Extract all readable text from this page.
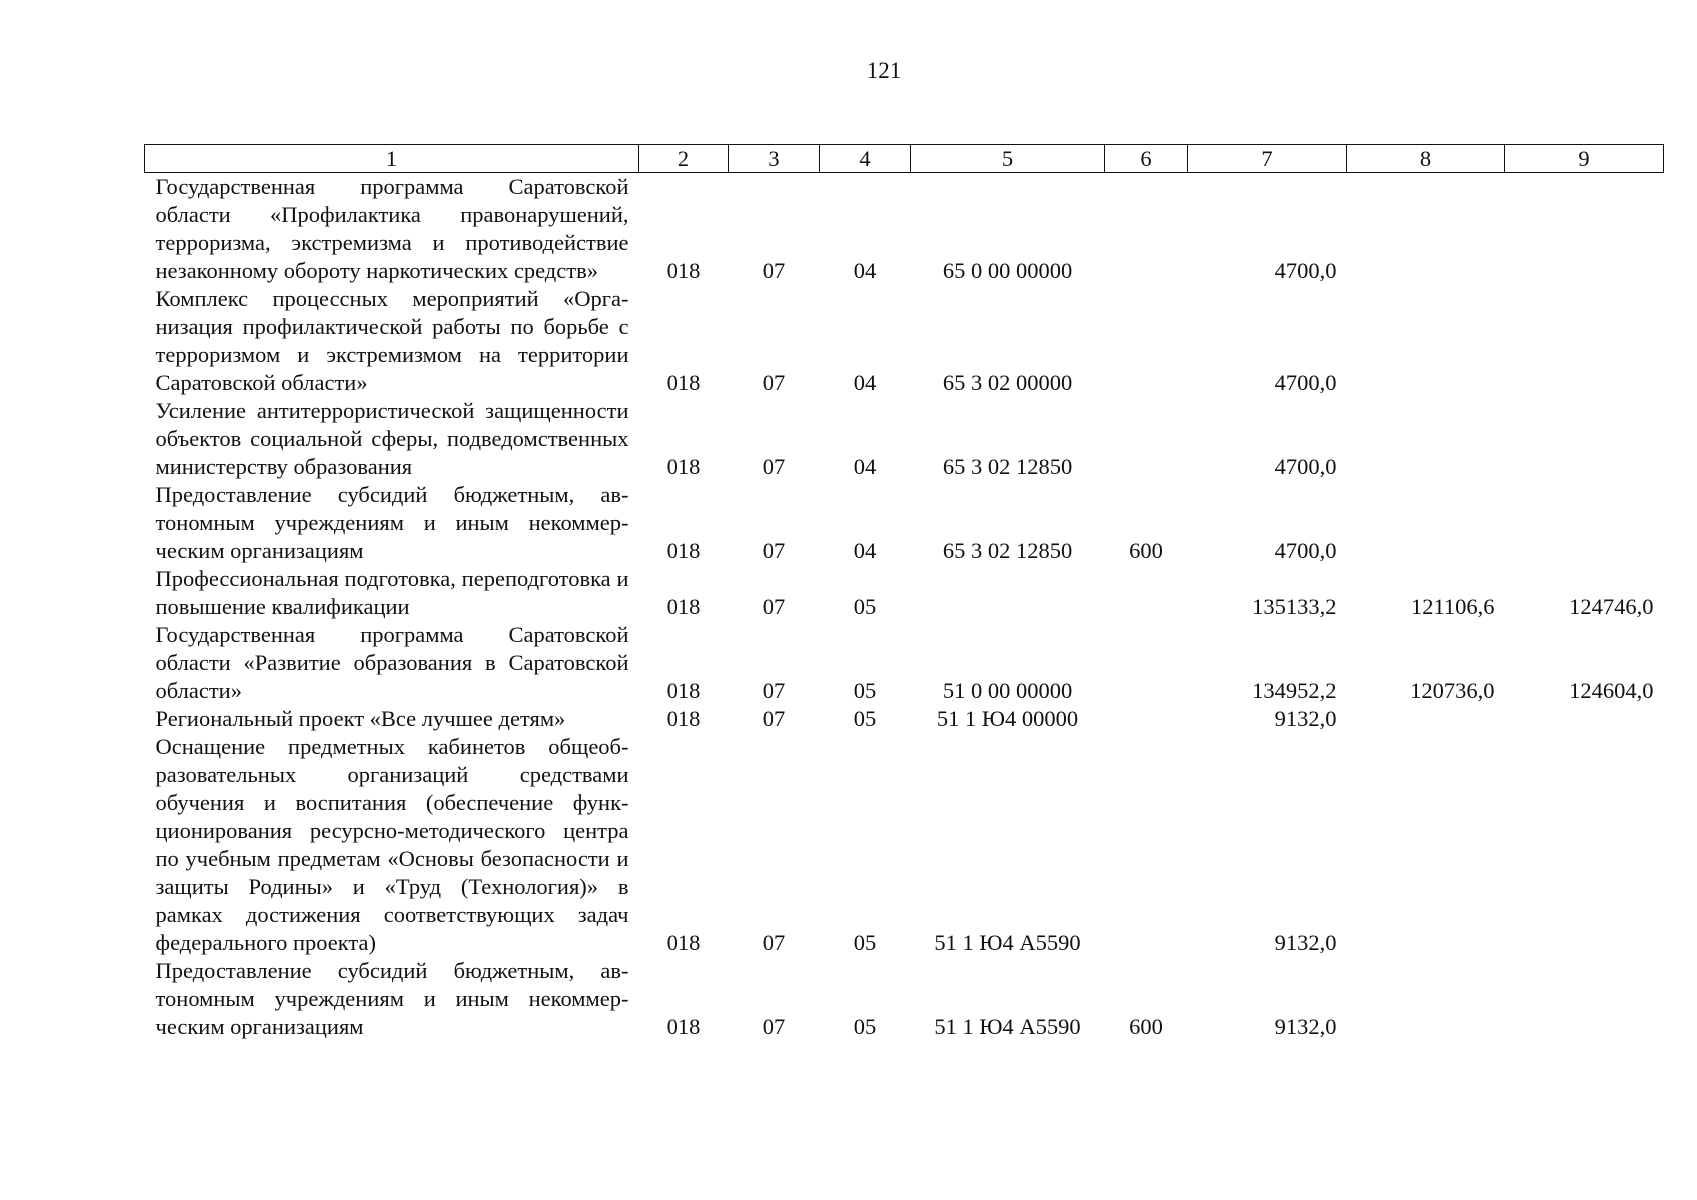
121
1	2	3	4	5	6	7	8	9
Государственная программа Саратовской области «Профилактика правонарушений, терроризма, экстремизма и противодействие незаконному обороту наркотических средств»	018	07	04	65 0 00 00000		4700,0		
Комплекс процессных мероприятий «Организация профилактической работы по борьбе с терроризмом и экстремизмом на территории Саратовской области»	018	07	04	65 3 02 00000		4700,0		
Усиление антитеррористической защищенности объектов социальной сферы, подведомственных министерству образования	018	07	04	65 3 02 12850		4700,0		
Предоставление субсидий бюджетным, автономным учреждениям и иным некоммерческим организациям	018	07	04	65 3 02 12850	600	4700,0		
Профессиональная подготовка, переподготовка и повышение квалификации	018	07	05			135133,2	121106,6	124746,0
Государственная программа Саратовской области «Развитие образования в Саратовской области»	018	07	05	51 0 00 00000		134952,2	120736,0	124604,0
Региональный проект «Все лучшее детям»	018	07	05	51 1 Ю4 00000		9132,0		
Оснащение предметных кабинетов общеобразовательных организаций средствами обучения и воспитания (обеспечение функционирования ресурсно-методического центра по учебным предметам «Основы безопасности и защиты Родины» и «Труд (Технология)» в рамках достижения соответствующих задач федерального проекта)	018	07	05	51 1 Ю4 А5590		9132,0		
Предоставление субсидий бюджетным, автономным учреждениям и иным некоммерческим организациям	018	07	05	51 1 Ю4 А5590	600	9132,0		
